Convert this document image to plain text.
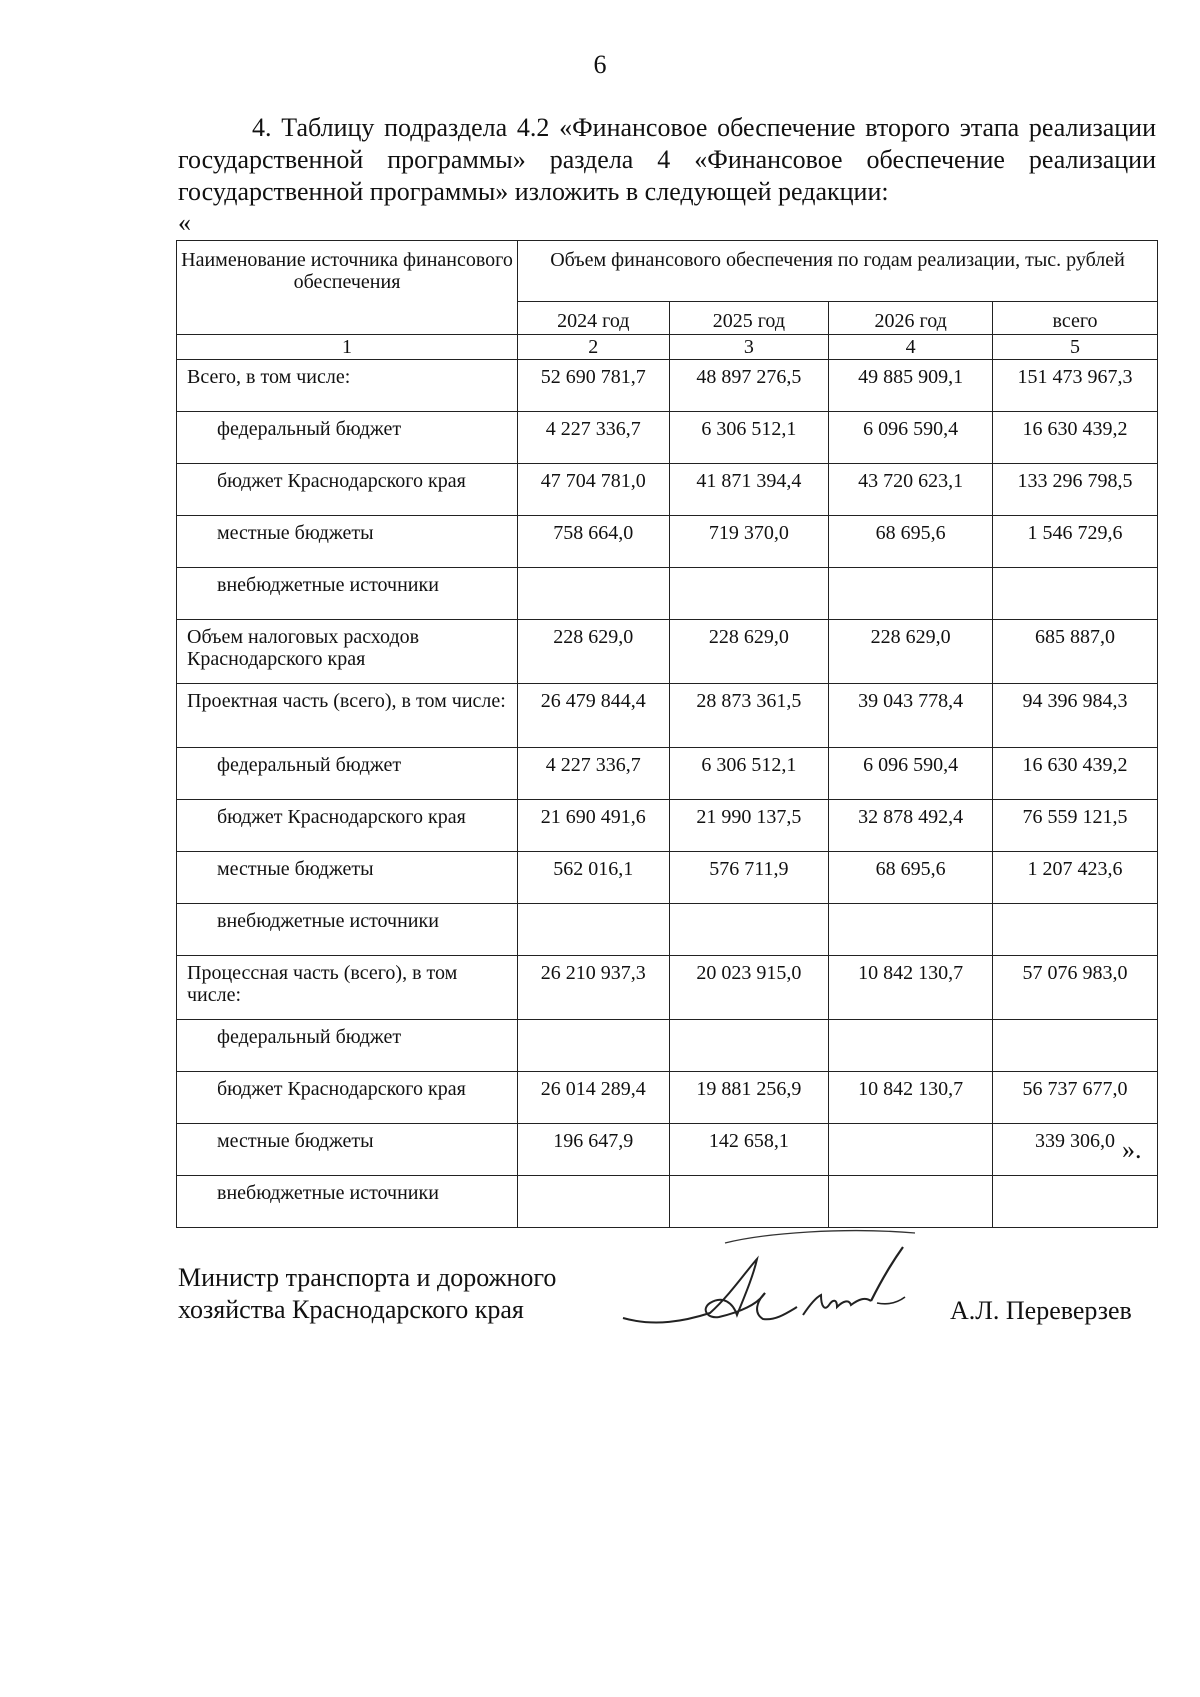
6
4. Таблицу подраздела 4.2 «Финансовое обеспечение второго этапа реализации государственной программы» раздела 4 «Финансовое обеспечение реализации государственной программы» изложить в следующей редакции:
«
Наименование источника финансового обеспечения	Объем финансового обеспечения по годам реализации, тыс. рублей			
	2024 год	2025 год	2026 год	всего
1	2	3	4	5
Всего, в том числе:	52 690 781,7	48 897 276,5	49 885 909,1	151 473 967,3
федеральный бюджет	4 227 336,7	6 306 512,1	6 096 590,4	16 630 439,2
бюджет Краснодарского края	47 704 781,0	41 871 394,4	43 720 623,1	133 296 798,5
местные бюджеты	758 664,0	719 370,0	68 695,6	1 546 729,6
внебюджетные источники				
Объем налоговых расходов Краснодарского края	228 629,0	228 629,0	228 629,0	685 887,0
Проектная часть (всего), в том числе:	26 479 844,4	28 873 361,5	39 043 778,4	94 396 984,3
федеральный бюджет	4 227 336,7	6 306 512,1	6 096 590,4	16 630 439,2
бюджет Краснодарского края	21 690 491,6	21 990 137,5	32 878 492,4	76 559 121,5
местные бюджеты	562 016,1	576 711,9	68 695,6	1 207 423,6
внебюджетные источники				
Процессная часть (всего), в том числе:	26 210 937,3	20 023 915,0	10 842 130,7	57 076 983,0
федеральный бюджет				
бюджет Краснодарского края	26 014 289,4	19 881 256,9	10 842 130,7	56 737 677,0
местные бюджеты	196 647,9	142 658,1		339 306,0
внебюджетные источники				
».
Министр транспорта и дорожного
хозяйства Краснодарского края	А.Л. Переверзев
